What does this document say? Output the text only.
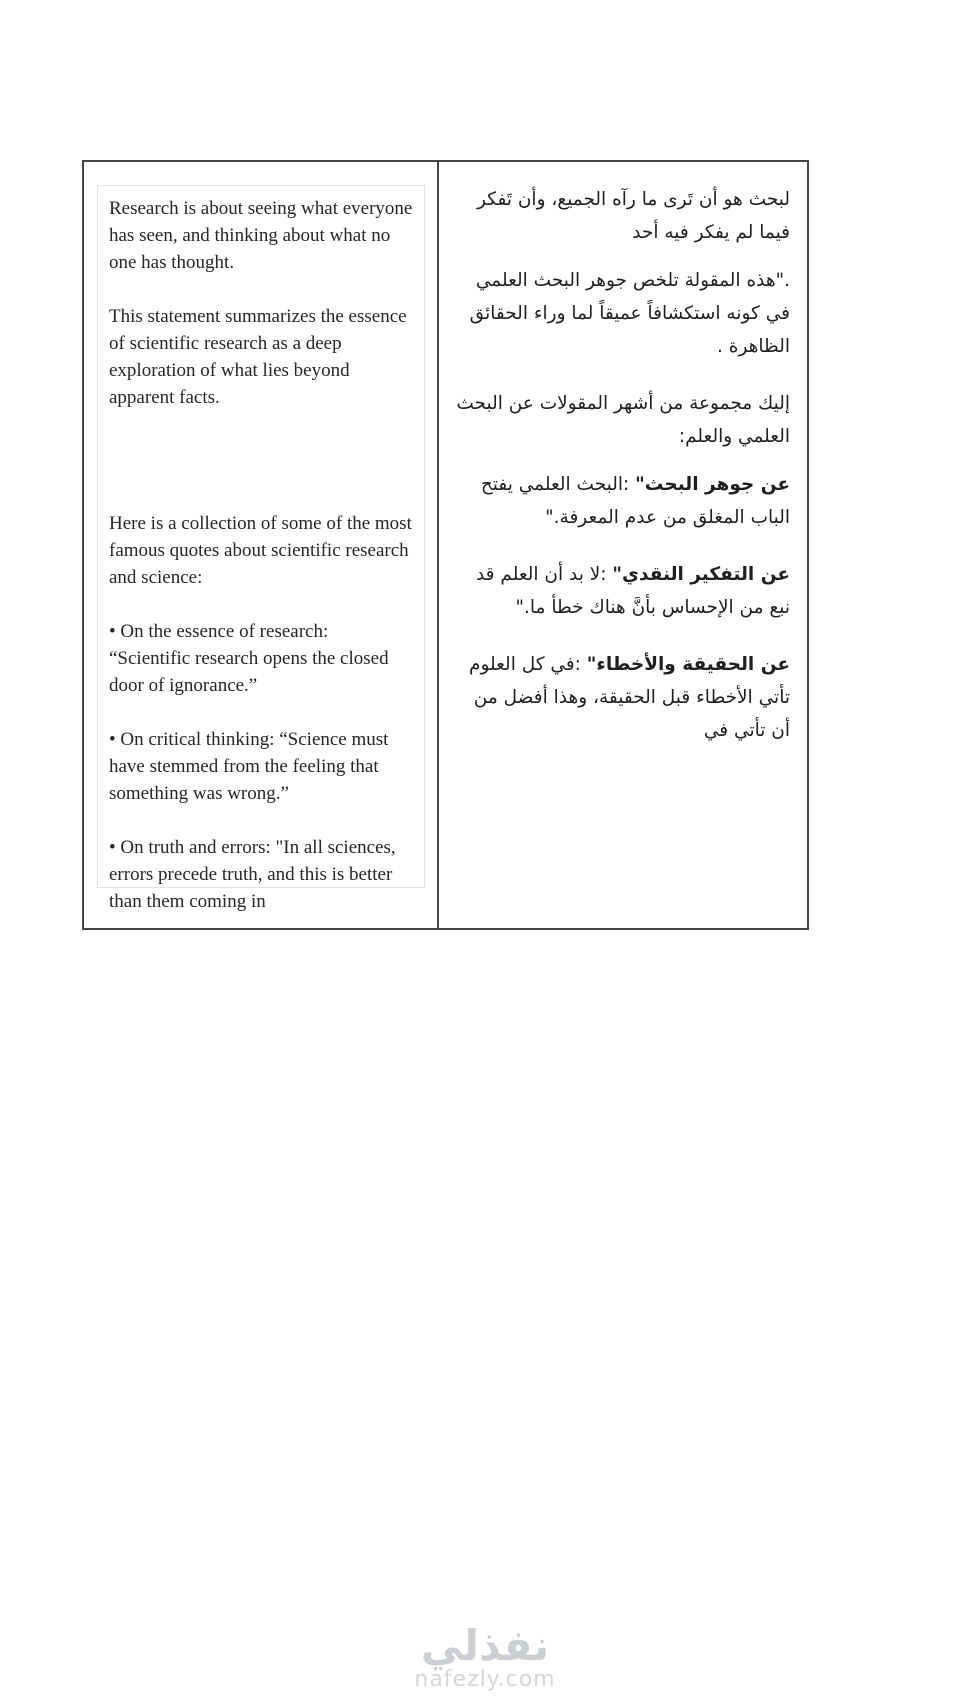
Research is about seeing what everyone has seen, and thinking about what no one has thought.

This statement summarizes the essence of scientific research as a deep exploration of what lies beyond apparent facts.

Here is a collection of some of the most famous quotes about scientific research and science:

• On the essence of research: “Scientific research opens the closed door of ignorance.”

• On critical thinking: “Science must have stemmed from the feeling that something was wrong.”

• On truth and errors: "In all sciences, errors precede truth, and this is better than them coming in

لبحث هو أن تَرى ما رآه الجميع، وأن تَفكر فيما لم يفكر فيه أحد

."هذه المقولة تلخص جوهر البحث العلمي في كونه استكشافاً عميقاً لما وراء الحقائق الظاهرة .

إليك مجموعة من أشهر المقولات عن البحث العلمي والعلم:

عن جوهر البحث" :البحث العلمي يفتح الباب المغلق من عدم المعرفة."

عن التفكير النقدي" :لا بد أن العلم قد نبع من الإحساس بأنَّ هناك خطأ ما."

عن الحقيقة والأخطاء" :في كل العلوم تأتي الأخطاء قبل الحقيقة، وهذا أفضل من أن تأتي في

نفذلي
nafezly.com
